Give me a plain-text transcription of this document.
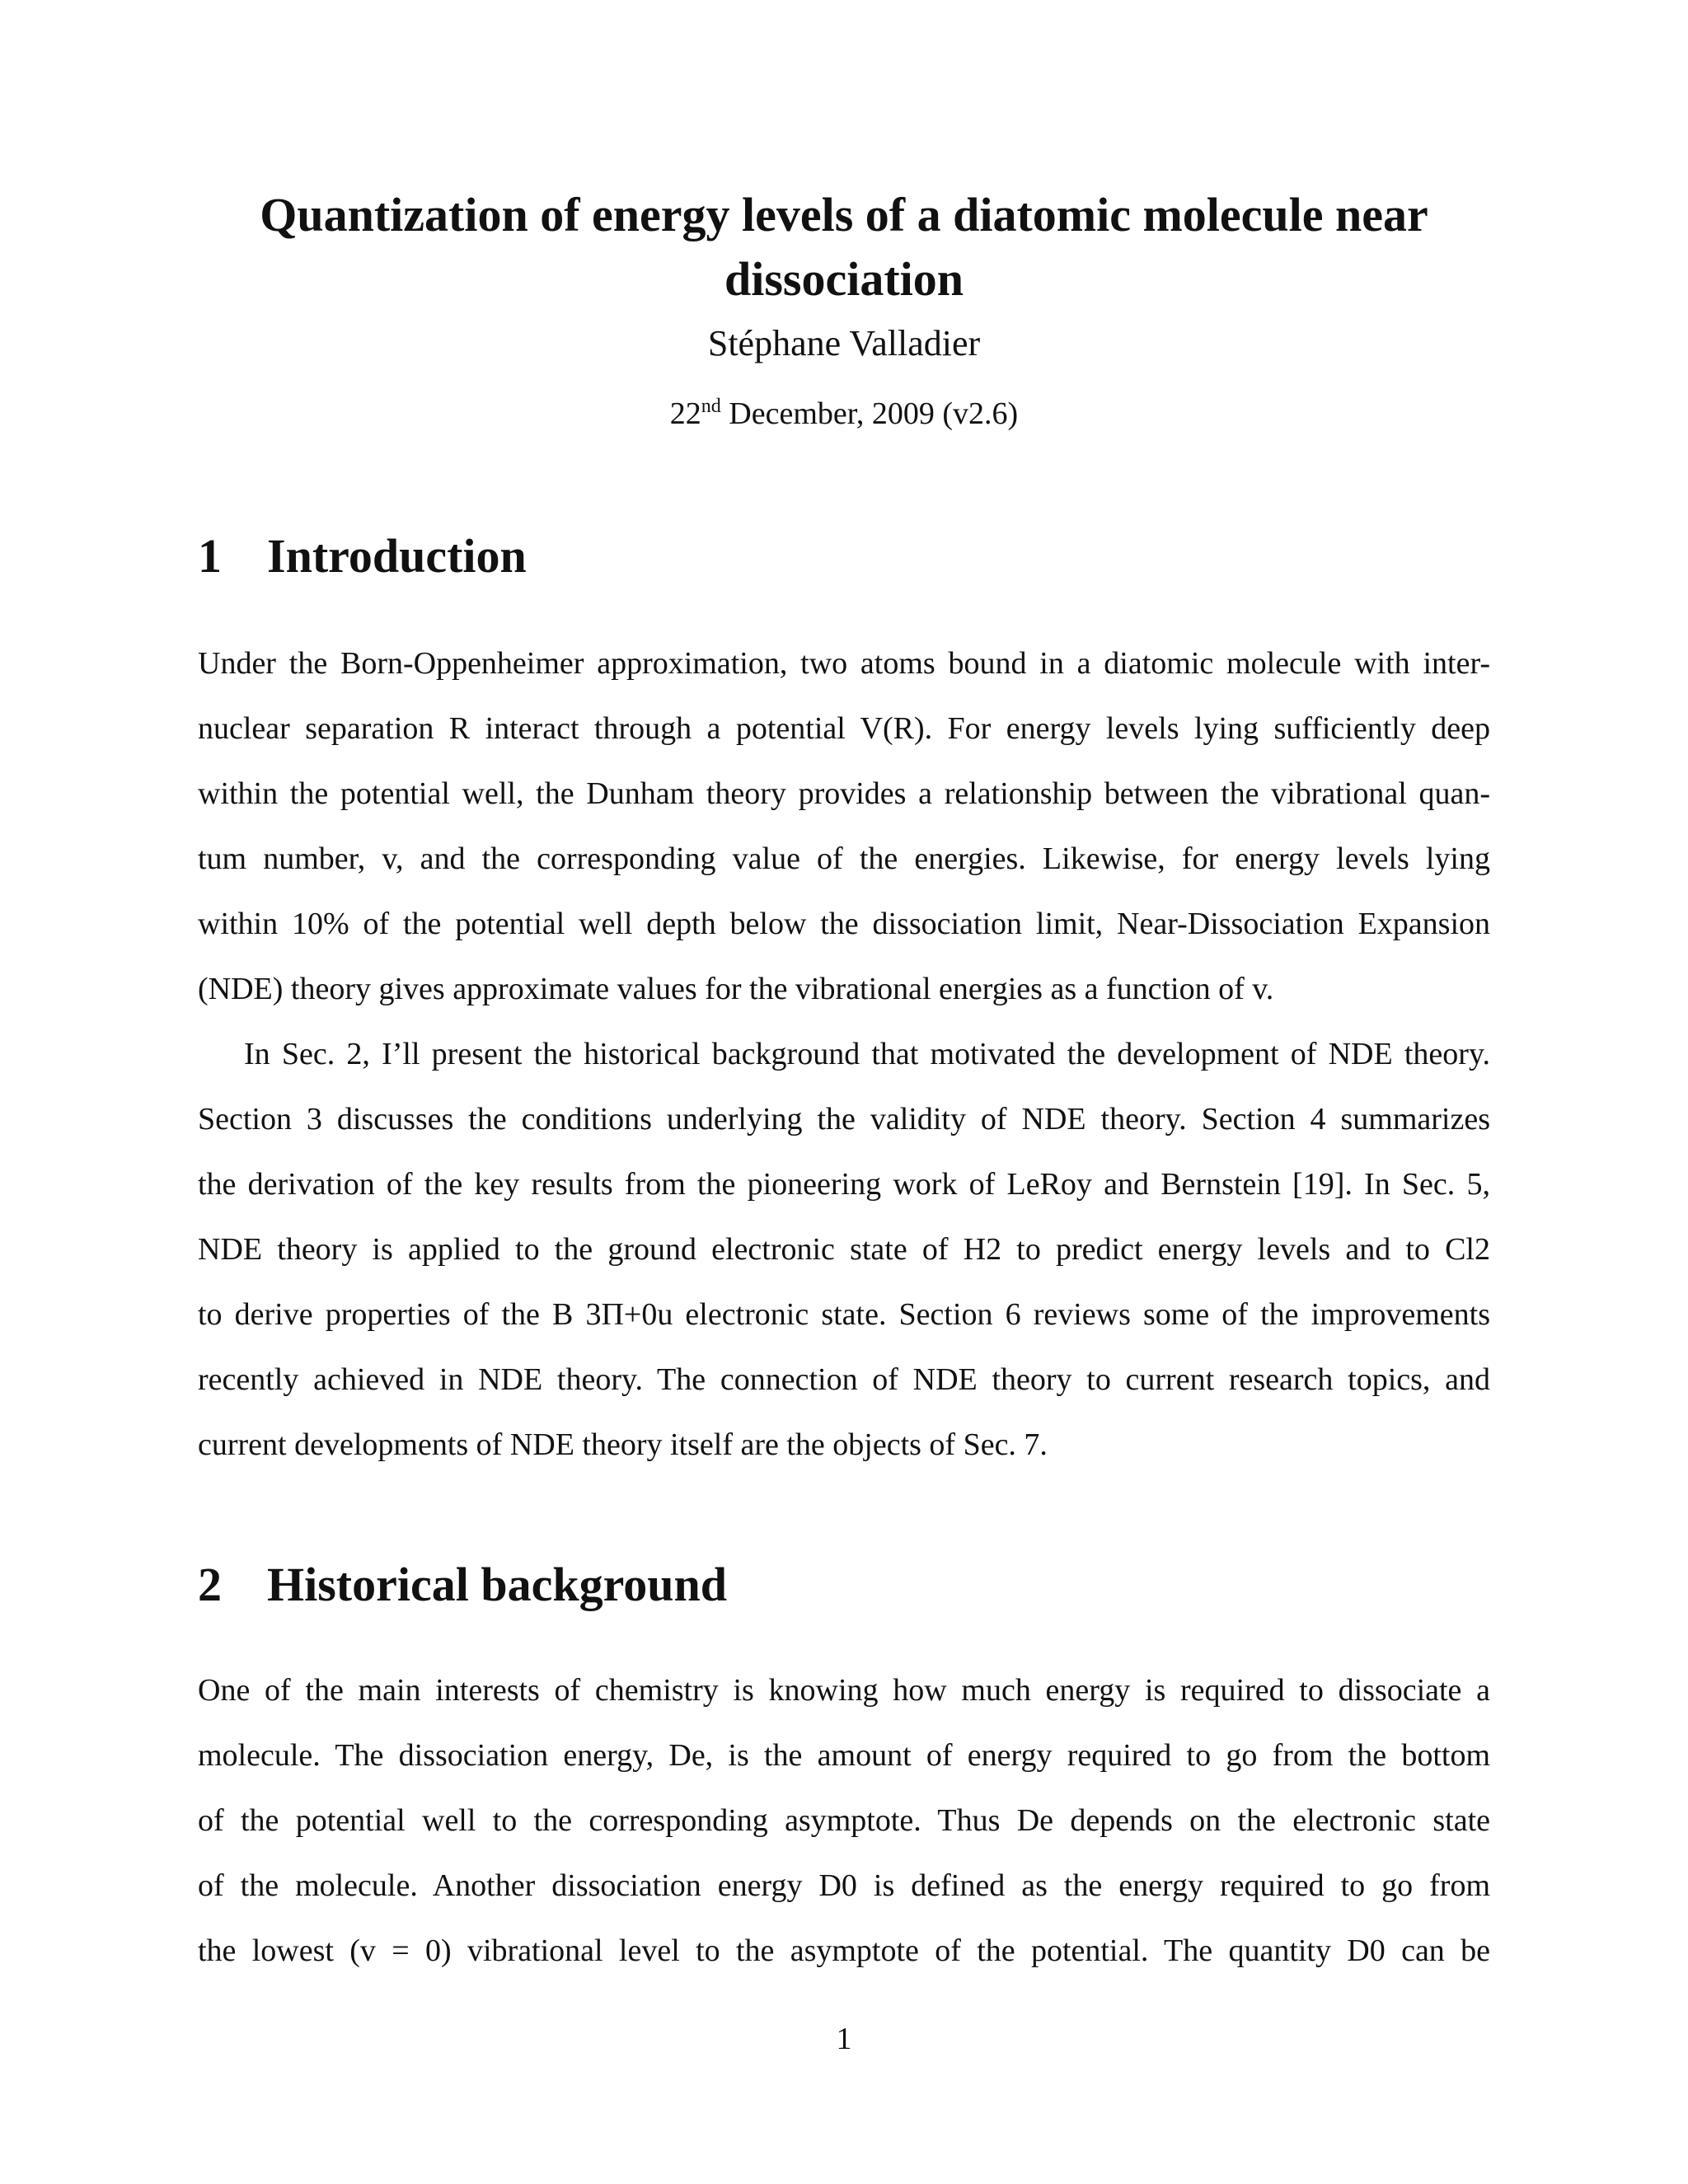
Quantization of energy levels of a diatomic molecule near dissociation
Stéphane Valladier
22nd December, 2009 (v2.6)
1 Introduction
Under the Born-Oppenheimer approximation, two atoms bound in a diatomic molecule with inter-
nuclear separation R interact through a potential V(R). For energy levels lying sufficiently deep
within the potential well, the Dunham theory provides a relationship between the vibrational quan-
tum number, v, and the corresponding value of the energies. Likewise, for energy levels lying
within 10% of the potential well depth below the dissociation limit, Near-Dissociation Expansion
(NDE) theory gives approximate values for the vibrational energies as a function of v.
In Sec. 2, I’ll present the historical background that motivated the development of NDE theory.
Section 3 discusses the conditions underlying the validity of NDE theory. Section 4 summarizes
the derivation of the key results from the pioneering work of LeRoy and Bernstein [19]. In Sec. 5,
NDE theory is applied to the ground electronic state of H2 to predict energy levels and to Cl2
to derive properties of the B 3Π+0u electronic state. Section 6 reviews some of the improvements
recently achieved in NDE theory. The connection of NDE theory to current research topics, and
current developments of NDE theory itself are the objects of Sec. 7.
2 Historical background
One of the main interests of chemistry is knowing how much energy is required to dissociate a
molecule. The dissociation energy, De, is the amount of energy required to go from the bottom
of the potential well to the corresponding asymptote. Thus De depends on the electronic state
of the molecule. Another dissociation energy D0 is defined as the energy required to go from
the lowest (v = 0) vibrational level to the asymptote of the potential. The quantity D0 can be
1
